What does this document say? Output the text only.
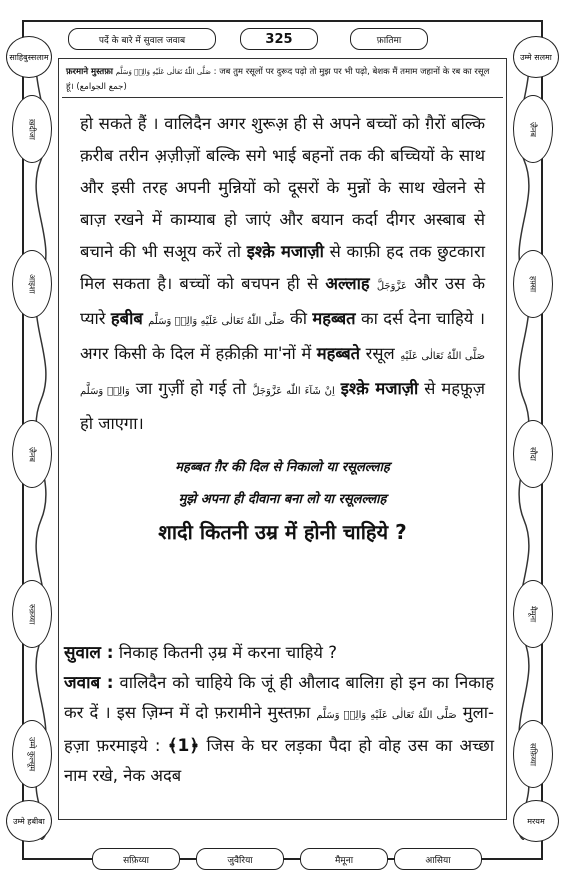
साहिबुस्सलाम	उम्मे सलमा
उम्मे हबीबा	मरयम
ख़दीजा
आइशा
ज़ैनब
रुक़य्या
उम्मे कुल्सूम
ज़ैनब
हफ़्सा
सौदा
मैमूना
सफ़िय्या
पर्दे के बारे में सुवाल जवाब	325	फ़ातिमा
फ़रमाने मुस्तफ़ा صَلَّى اللّٰهُ تَعَالٰى عَلَيْهِ وَالِهٖ وَسَلَّم : जब तुम रसूलों पर दुरूद पढ़ो तो मुझ पर भी पढ़ो, बेशक मैं तमाम जहानों के रब का रसूल हूं। (جمع الجوامع)

हो सकते हैं । वालिदैन अगर शुरूअ़ ही से अपने बच्चों को ग़ैरों बल्कि क़रीब तरीन अ़ज़ीज़ों बल्कि सगे भाई बहनों तक की बच्चियों के साथ और इसी तरह अपनी मुन्नियों को दूसरों के मुन्नों के साथ खेलने से बाज़ रखने में काम्याब हो जाएं और बयान कर्दा दीगर अस्बाब से बचाने की भी सअूय करें तो इश्क़े मजाज़ी से काफ़ी हद तक छुटकारा मिल सकता है। बच्चों को बचपन ही से अल्लाह عَزَّوَجَلَّ और उस के प्यारे हबीब صَلَّى اللّٰهُ تَعَالٰى عَلَيْهِ وَالِهٖ وَسَلَّم की महब्बत का दर्स देना चाहिये । अगर किसी के दिल में हक़ीक़ी मा'नों में महब्बते रसूल صَلَّى اللّٰهُ تَعَالٰى عَلَيْهِ وَالِهٖ وَسَلَّم जा गुज़ीं हो गई तो اِنْ شَآءَ اللّٰه عَزَّوَجَلَّ इश्क़े मजाज़ी से महफ़ूज़ हो जाएगा।

महब्बत ग़ैर की दिल से निकालो या रसूलल्लाह

मुझे अपना ही दीवाना बना लो या रसूलल्लाह

शादी कितनी उम्र में होनी चाहिये ?

सुवाल : निकाह कितनी उ़म्र में करना चाहिये ?
जवाब : वालिदैन को चाहिये कि जूं ही औलाद बालिग़ हो इन का निकाह कर दें । इस ज़िम्न में दो फ़रामीने मुस्तफ़ा صَلَّى اللّٰهُ تَعَالٰى عَلَيْهِ وَالِهٖ وَسَلَّم मुला-हज़ा फ़रमाइये : ﴾1﴿ जिस के घर लड़का पैदा हो वोह उस का अच्छा नाम रखे, नेक अदब
सफ़िय्या	जुवैरिया	मैमूना	आसिया
